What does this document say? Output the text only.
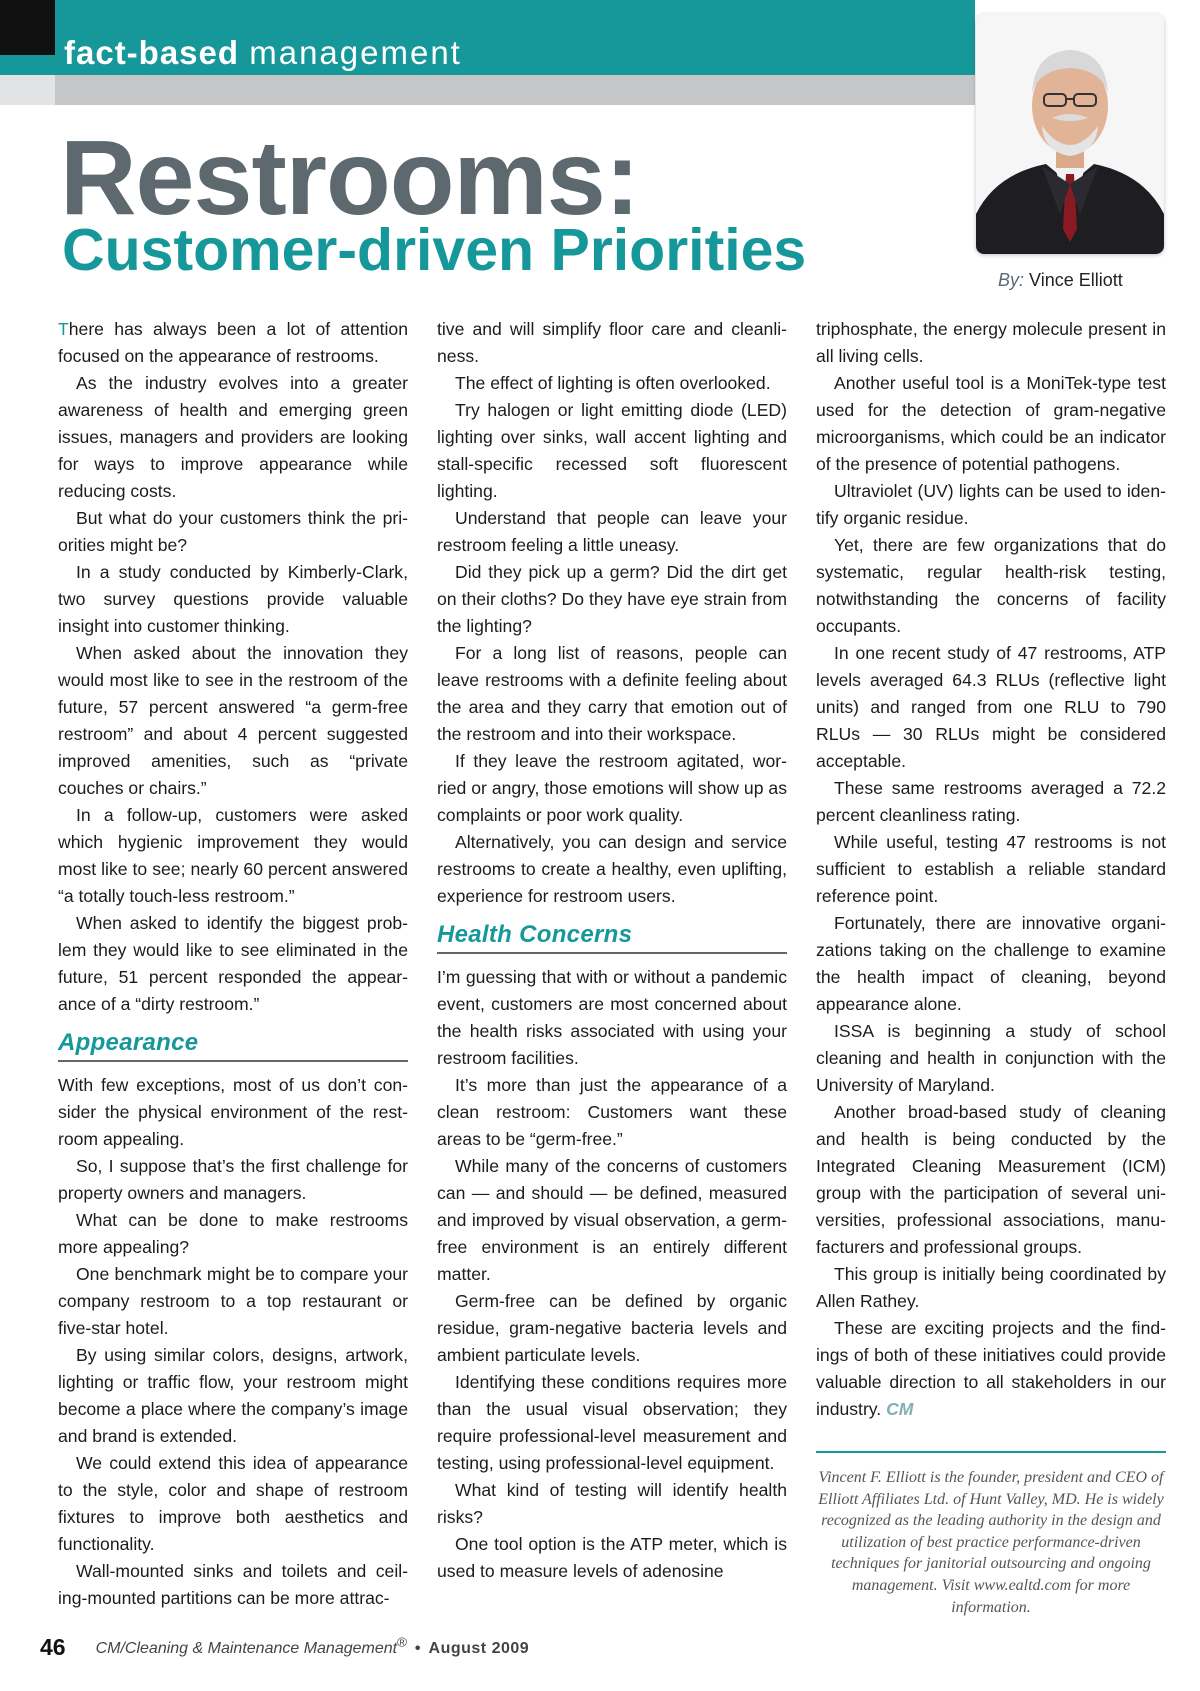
fact-based management
Restrooms:
Customer-driven Priorities	By: Vince Elliott

There has always been a lot of attention focused on the appearance of restrooms.

As the industry evolves into a greater awareness of health and emerging green issues, managers and providers are looking for ways to improve appearance while reducing costs.

But what do your customers think the priorities might be?

In a study conducted by Kimberly-Clark, two survey questions provide valuable insight into customer thinking.

When asked about the innovation they would most like to see in the restroom of the future, 57 percent answered “a germ-free restroom” and about 4 percent suggested improved amenities, such as “private couches or chairs.”

In a follow-up, customers were asked which hygienic improvement they would most like to see; nearly 60 percent answered “a totally touch-less restroom.”

When asked to identify the biggest problem they would like to see eliminated in the future, 51 percent responded the appearance of a “dirty restroom.”

Appearance

With few exceptions, most of us don’t consider the physical environment of the restroom appealing.

So, I suppose that’s the first challenge for property owners and managers.

What can be done to make restrooms more appealing?

One benchmark might be to compare your company restroom to a top restaurant or five-star hotel.

By using similar colors, designs, artwork, lighting or traffic flow, your restroom might become a place where the company’s image and brand is extended.

We could extend this idea of appearance to the style, color and shape of restroom fixtures to improve both aesthetics and functionality.

Wall-mounted sinks and toilets and ceiling-mounted partitions can be more attrac-

tive and will simplify floor care and cleanliness.

The effect of lighting is often overlooked.

Try halogen or light emitting diode (LED) lighting over sinks, wall accent lighting and stall-specific recessed soft fluorescent lighting.

Understand that people can leave your restroom feeling a little uneasy.

Did they pick up a germ? Did the dirt get on their cloths? Do they have eye strain from the lighting?

For a long list of reasons, people can leave restrooms with a definite feeling about the area and they carry that emotion out of the restroom and into their workspace.

If they leave the restroom agitated, worried or angry, those emotions will show up as complaints or poor work quality.

Alternatively, you can design and service restrooms to create a healthy, even uplifting, experience for restroom users.

Health Concerns

I’m guessing that with or without a pandemic event, customers are most concerned about the health risks associated with using your restroom facilities.

It’s more than just the appearance of a clean restroom: Customers want these areas to be “germ-free.”

While many of the concerns of customers can — and should — be defined, measured and improved by visual observation, a germ-free environment is an entirely different matter.

Germ-free can be defined by organic residue, gram-negative bacteria levels and ambient particulate levels.

Identifying these conditions requires more than the usual visual observation; they require professional-level measurement and testing, using professional-level equipment.

What kind of testing will identify health risks?

One tool option is the ATP meter, which is used to measure levels of adenosine

triphosphate, the energy molecule present in all living cells.

Another useful tool is a MoniTek-type test used for the detection of gram-negative microorganisms, which could be an indicator of the presence of potential pathogens.

Ultraviolet (UV) lights can be used to identify organic residue.

Yet, there are few organizations that do systematic, regular health-risk testing, notwithstanding the concerns of facility occupants.

In one recent study of 47 restrooms, ATP levels averaged 64.3 RLUs (reflective light units) and ranged from one RLU to 790 RLUs — 30 RLUs might be considered acceptable.

These same restrooms averaged a 72.2 percent cleanliness rating.

While useful, testing 47 restrooms is not sufficient to establish a reliable standard reference point.

Fortunately, there are innovative organizations taking on the challenge to examine the health impact of cleaning, beyond appearance alone.

ISSA is beginning a study of school cleaning and health in conjunction with the University of Maryland.

Another broad-based study of cleaning and health is being conducted by the Integrated Cleaning Measurement (ICM) group with the participation of several universities, professional associations, manufacturers and professional groups.

This group is initially being coordinated by Allen Rathey.

These are exciting projects and the findings of both of these initiatives could provide valuable direction to all stakeholders in our industry. CM

Vincent F. Elliott is the founder, president and CEO of Elliott Affiliates Ltd. of Hunt Valley, MD. He is widely recognized as the leading authority in the design and utilization of best practice performance-driven techniques for janitorial outsourcing and ongoing management. Visit www.ealtd.com for more information.
46 CM/Cleaning & Maintenance Management® • August 2009
